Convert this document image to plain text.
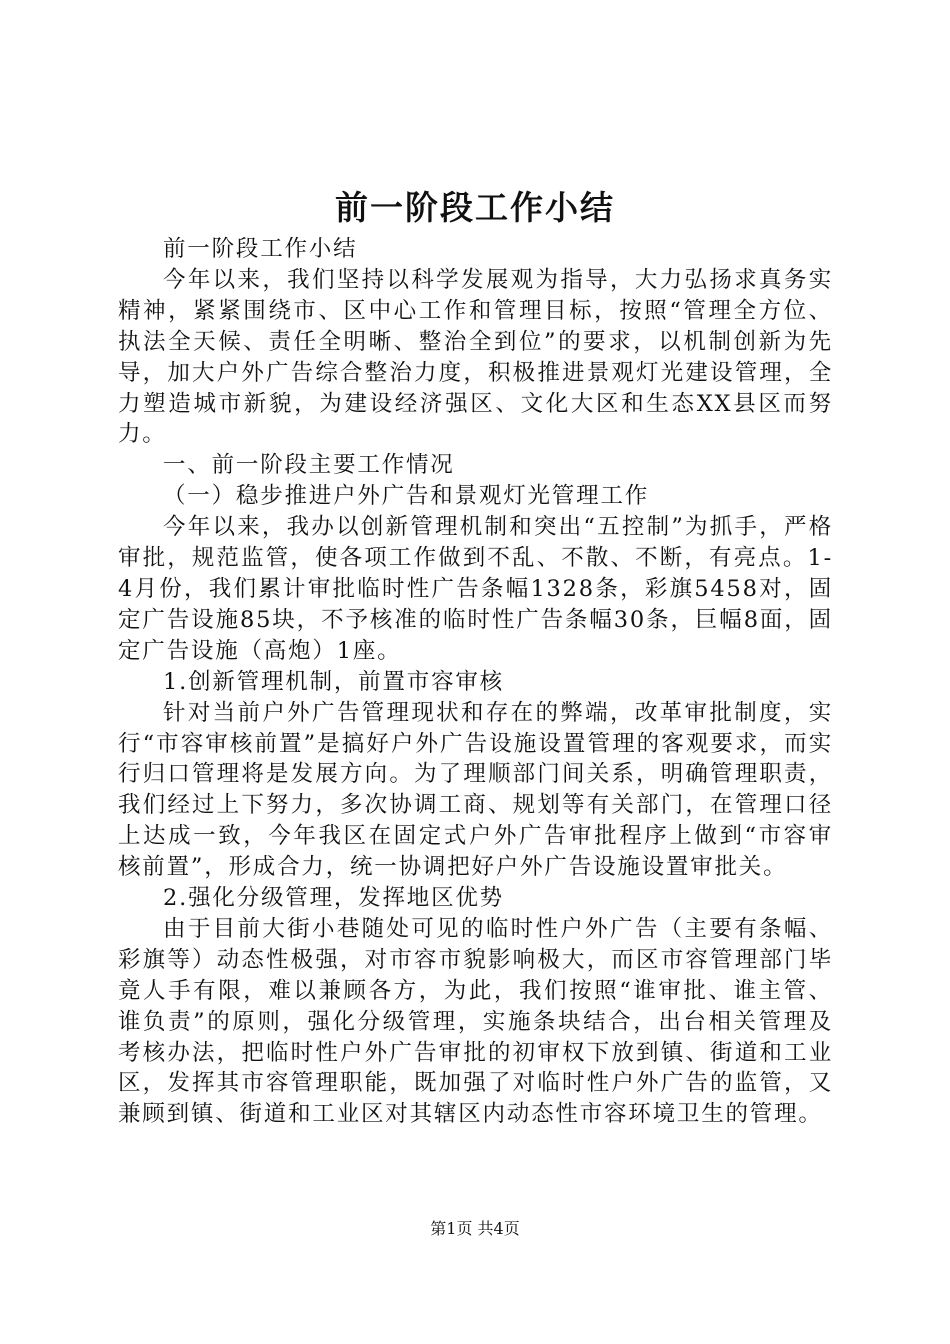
前一阶段工作小结

前一阶段工作小结

今年以来，我们坚持以科学发展观为指导，大力弘扬求真务实精神，紧紧围绕市、区中心工作和管理目标，按照“管理全方位、执法全天候、责任全明晰、整治全到位”的要求，以机制创新为先导，加大户外广告综合整治力度，积极推进景观灯光建设管理，全力塑造城市新貌，为建设经济强区、文化大区和生态XX县区而努力。

一、前一阶段主要工作情况

（一）稳步推进户外广告和景观灯光管理工作

今年以来，我办以创新管理机制和突出“五控制”为抓手，严格审批，规范监管，使各项工作做到不乱、不散、不断，有亮点。1-4月份，我们累计审批临时性广告条幅1328条，彩旗5458对，固定广告设施85块，不予核准的临时性广告条幅30条，巨幅8面，固定广告设施（高炮）1座。

1.创新管理机制，前置市容审核

针对当前户外广告管理现状和存在的弊端，改革审批制度，实行“市容审核前置”是搞好户外广告设施设置管理的客观要求，而实行归口管理将是发展方向。为了理顺部门间关系，明确管理职责，我们经过上下努力，多次协调工商、规划等有关部门，在管理口径上达成一致，今年我区在固定式户外广告审批程序上做到“市容审核前置”，形成合力，统一协调把好户外广告设施设置审批关。

2.强化分级管理，发挥地区优势

由于目前大街小巷随处可见的临时性户外广告（主要有条幅、彩旗等）动态性极强，对市容市貌影响极大，而区市容管理部门毕竟人手有限，难以兼顾各方，为此，我们按照“谁审批、谁主管、谁负责”的原则，强化分级管理，实施条块结合，出台相关管理及考核办法，把临时性户外广告审批的初审权下放到镇、街道和工业区，发挥其市容管理职能，既加强了对临时性户外广告的监管，又兼顾到镇、街道和工业区对其辖区内动态性市容环境卫生的管理。

第1页 共4页
